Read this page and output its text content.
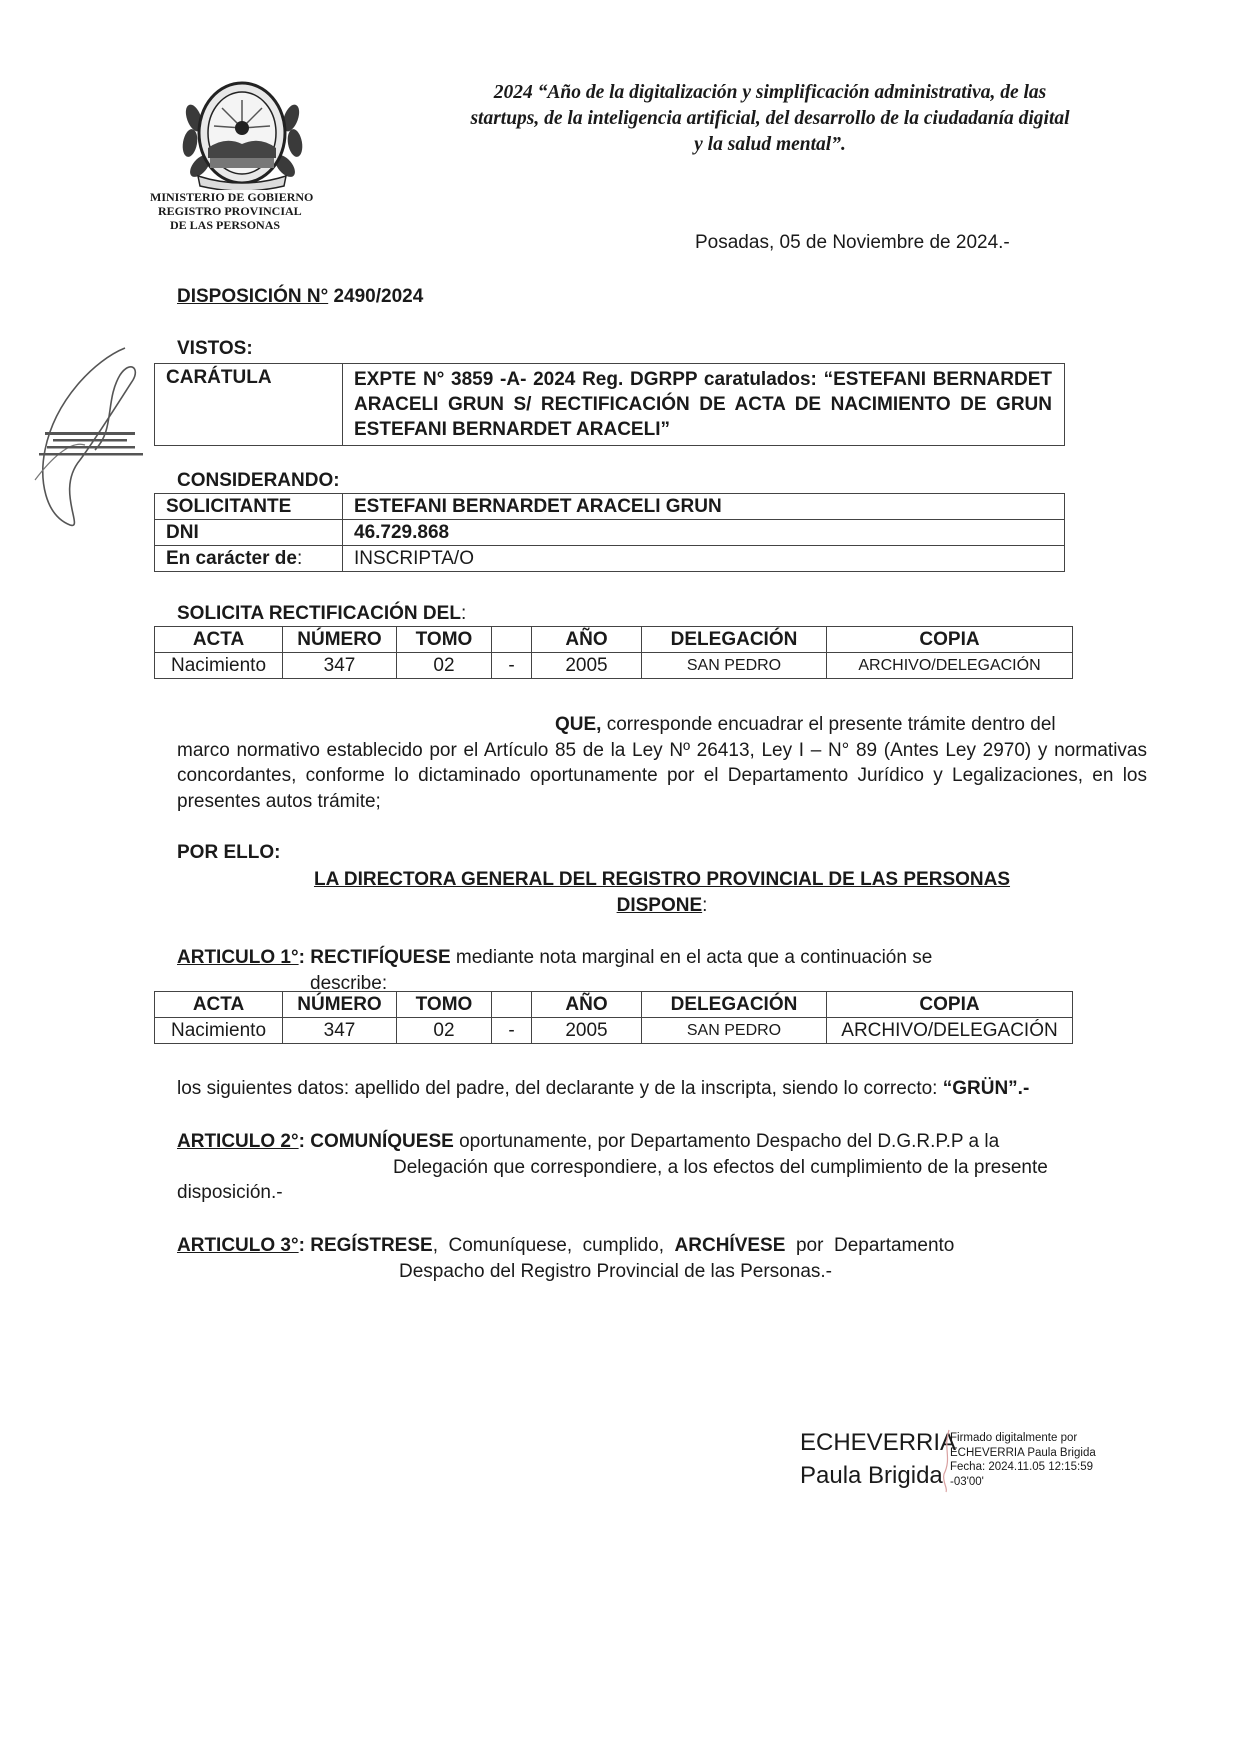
MINISTERIO DE GOBIERNO
REGISTRO PROVINCIAL
DE LAS PERSONAS
2024 “Año de la digitalización y simplificación administrativa, de las
startups, de la inteligencia artificial, del desarrollo de la ciudadanía digital
y la salud mental”.
Posadas, 05 de Noviembre de 2024.-
DISPOSICIÓN N° 2490/2024
VISTOS:
CARÁTULA	EXPTE N° 3859 -A- 2024 Reg. DGRPP caratulados: “ESTEFANI BERNARDET ARACELI GRUN S/ RECTIFICACIÓN DE ACTA DE NACIMIENTO DE GRUN ESTEFANI BERNARDET ARACELI”
CONSIDERANDO:
SOLICITANTE	ESTEFANI BERNARDET ARACELI GRUN
DNI	46.729.868
En carácter de:	INSCRIPTA/O
SOLICITA RECTIFICACIÓN DEL:
ACTA	NÚMERO	TOMO		AÑO	DELEGACIÓN	COPIA
Nacimiento	347	02	-	2005	SAN PEDRO	ARCHIVO/DELEGACIÓN
QUE, corresponde encuadrar el presente trámite dentro del
marco normativo establecido por el Artículo 85 de la Ley Nº 26413, Ley I – N° 89 (Antes Ley 2970) y normativas concordantes, conforme lo dictaminado oportunamente por el Departamento Jurídico y Legalizaciones, en los presentes autos trámite;
POR ELLO:
LA DIRECTORA GENERAL DEL REGISTRO PROVINCIAL DE LAS PERSONAS
DISPONE:
ARTICULO 1°: RECTIFÍQUESE mediante nota marginal en el acta que a continuación se
describe:
ACTA	NÚMERO	TOMO		AÑO	DELEGACIÓN	COPIA
Nacimiento	347	02	-	2005	SAN PEDRO	ARCHIVO/DELEGACIÓN
los siguientes datos: apellido del padre, del declarante y de la inscripta, siendo lo correcto: “GRÜN”.-
ARTICULO 2°: COMUNÍQUESE oportunamente, por Departamento Despacho del D.G.R.P.P a la
Delegación que correspondiere, a los efectos del cumplimiento de la presente
disposición.-
ARTICULO 3°: REGÍSTRESE,  Comuníquese,  cumplido,  ARCHÍVESE  por  Departamento
Despacho del Registro Provincial de las Personas.-
ECHEVERRIA
Paula Brigida
Firmado digitalmente por
ECHEVERRIA Paula Brigida
Fecha: 2024.11.05 12:15:59
-03'00'
